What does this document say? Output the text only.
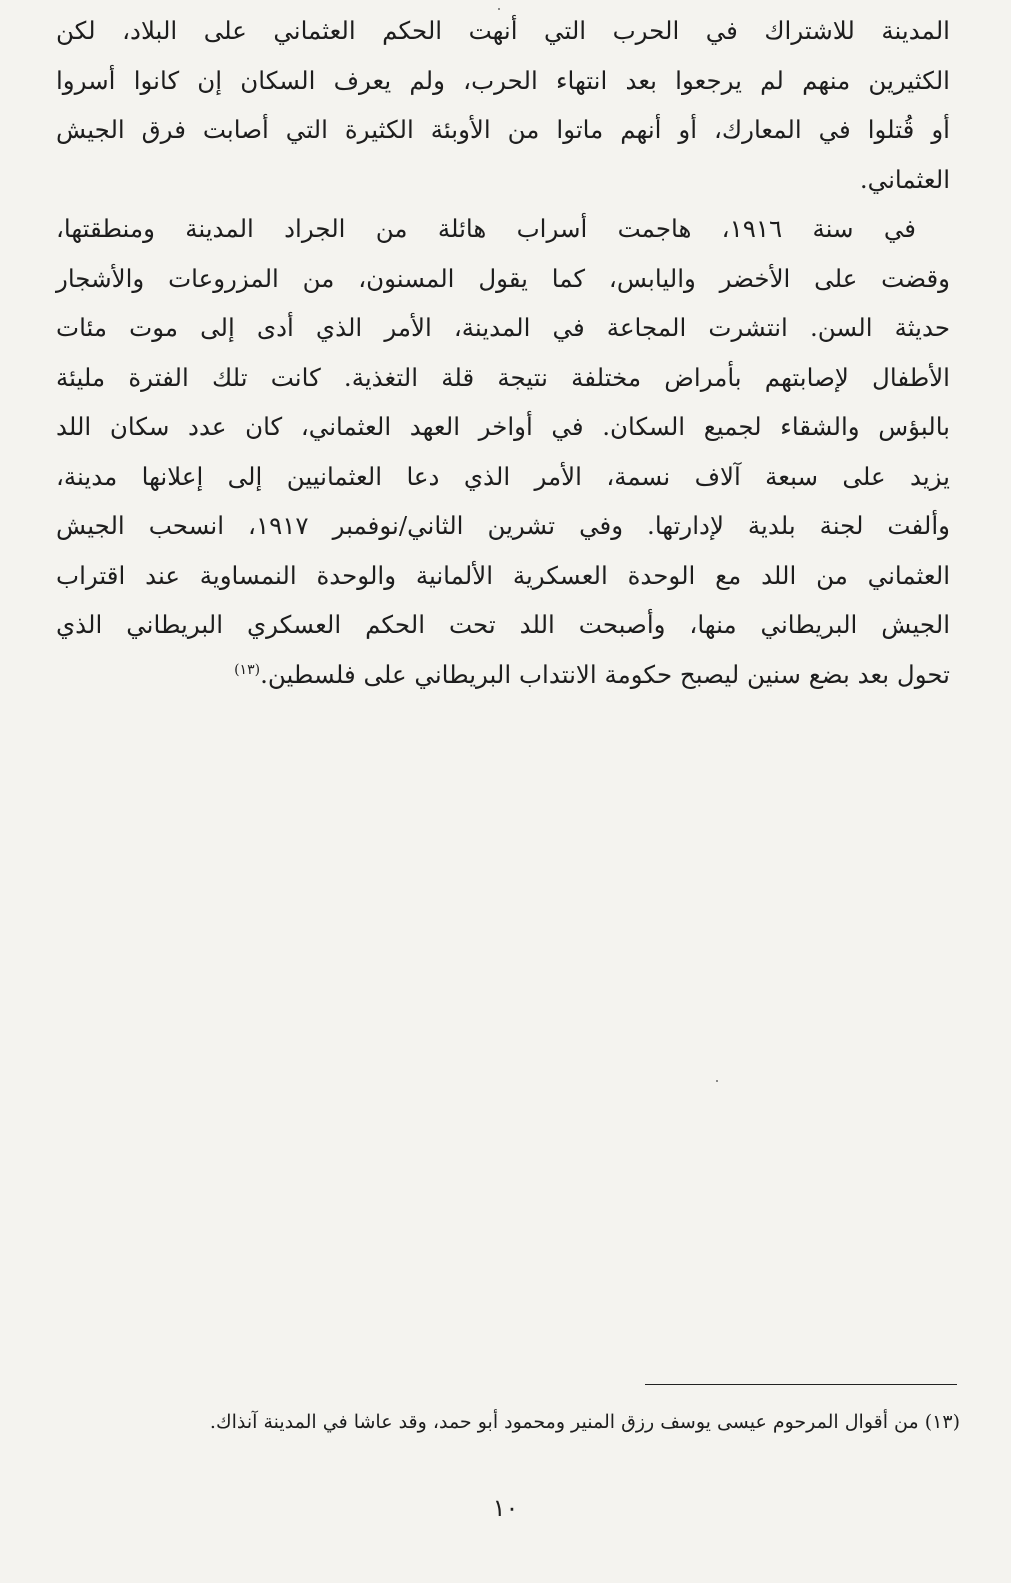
المدينة للاشتراك في الحرب التي أنهت الحكم العثماني على البلاد، لكن
الكثيرين منهم لم يرجعوا بعد انتهاء الحرب، ولم يعرف السكان إن كانوا أسروا
أو قُتلوا في المعارك، أو أنهم ماتوا من الأوبئة الكثيرة التي أصابت فرق الجيش
العثماني.

في سنة ١٩١٦، هاجمت أسراب هائلة من الجراد المدينة ومنطقتها،
وقضت على الأخضر واليابس، كما يقول المسنون، من المزروعات والأشجار
حديثة السن. انتشرت المجاعة في المدينة، الأمر الذي أدى إلى موت مئات
الأطفال لإصابتهم بأمراض مختلفة نتيجة قلة التغذية. كانت تلك الفترة مليئة
بالبؤس والشقاء لجميع السكان. في أواخر العهد العثماني، كان عدد سكان اللد
يزيد على سبعة آلاف نسمة، الأمر الذي دعا العثمانيين إلى إعلانها مدينة،
وألفت لجنة بلدية لإدارتها. وفي تشرين الثاني/نوفمبر ١٩١٧، انسحب الجيش
العثماني من اللد مع الوحدة العسكرية الألمانية والوحدة النمساوية عند اقتراب
الجيش البريطاني منها، وأصبحت اللد تحت الحكم العسكري البريطاني الذي
تحول بعد بضع سنين ليصبح حكومة الانتداب البريطاني على فلسطين.$^{(١٣)}$

(١٣) من أقوال المرحوم عيسى يوسف رزق المنير ومحمود أبو حمد، وقد عاشا في المدينة آنذاك.
١٠
